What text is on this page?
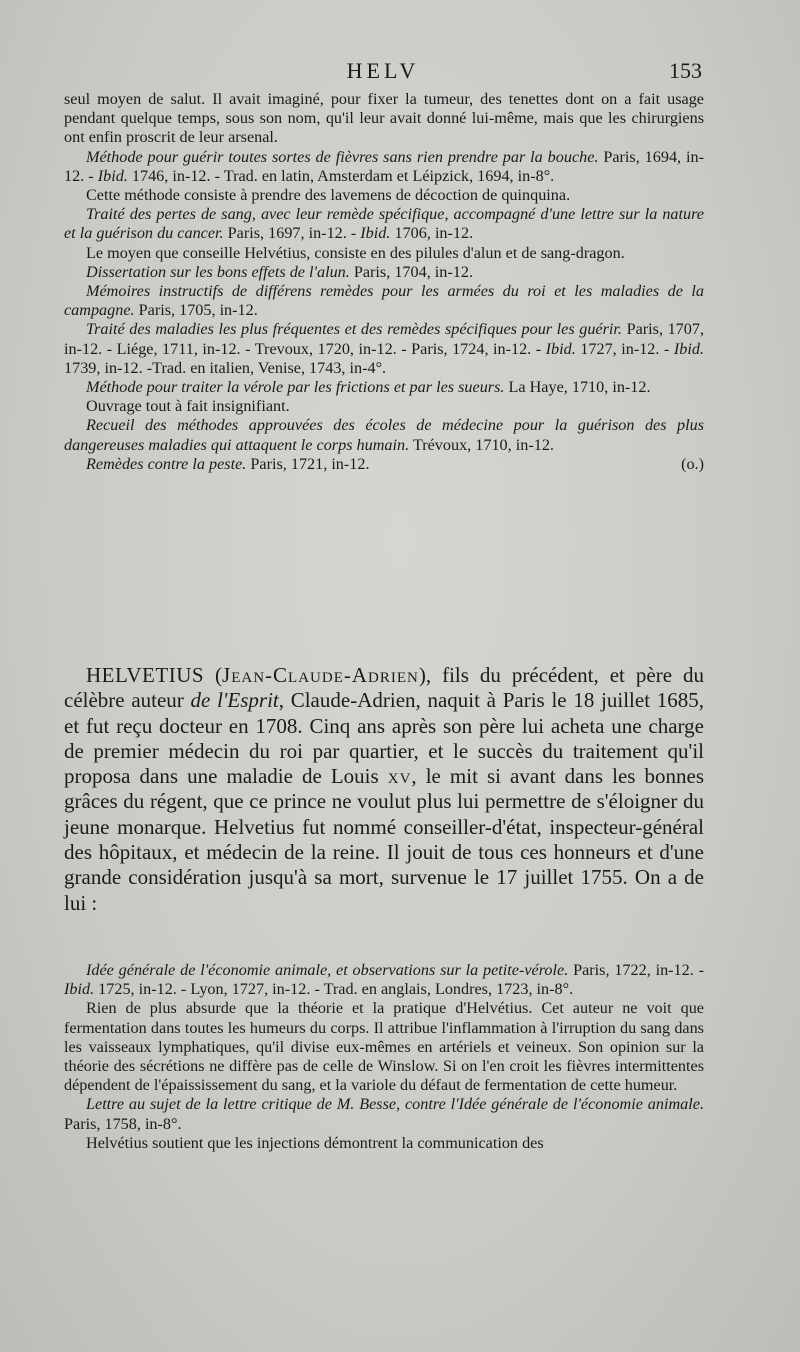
HELV	153

seul moyen de salut. Il avait imaginé, pour fixer la tumeur, des tenettes dont on a fait usage pendant quelque temps, sous son nom, qu'il leur avait donné lui-même, mais que les chirurgiens ont enfin proscrit de leur arsenal.

Méthode pour guérir toutes sortes de fièvres sans rien prendre par la bouche. Paris, 1694, in-12. - Ibid. 1746, in-12. - Trad. en latin, Amsterdam et Léipzick, 1694, in-8°.

Cette méthode consiste à prendre des lavemens de décoction de quinquina.

Traité des pertes de sang, avec leur remède spécifique, accompagné d'une lettre sur la nature et la guérison du cancer. Paris, 1697, in-12. - Ibid. 1706, in-12.

Le moyen que conseille Helvétius, consiste en des pilules d'alun et de sang-dragon.

Dissertation sur les bons effets de l'alun. Paris, 1704, in-12.

Mémoires instructifs de différens remèdes pour les armées du roi et les maladies de la campagne. Paris, 1705, in-12.

Traité des maladies les plus fréquentes et des remèdes spécifiques pour les guérir. Paris, 1707, in-12. - Liége, 1711, in-12. - Trevoux, 1720, in-12. - Paris, 1724, in-12. - Ibid. 1727, in-12. - Ibid. 1739, in-12. -Trad. en italien, Venise, 1743, in-4°.

Méthode pour traiter la vérole par les frictions et par les sueurs. La Haye, 1710, in-12.

Ouvrage tout à fait insignifiant.

Recueil des méthodes approuvées des écoles de médecine pour la guérison des plus dangereuses maladies qui attaquent le corps humain. Trévoux, 1710, in-12.

Remèdes contre la peste. Paris, 1721, in-12.	(o.)

HELVETIUS (Jean-Claude-Adrien), fils du précédent, et père du célèbre auteur de l'Esprit, Claude-Adrien, naquit à Paris le 18 juillet 1685, et fut reçu docteur en 1708. Cinq ans après son père lui acheta une charge de premier médecin du roi par quartier, et le succès du traitement qu'il proposa dans une maladie de Louis xv, le mit si avant dans les bonnes grâces du régent, que ce prince ne voulut plus lui permettre de s'éloigner du jeune monarque. Helvetius fut nommé conseiller-d'état, inspecteur-général des hôpitaux, et médecin de la reine. Il jouit de tous ces honneurs et d'une grande considération jusqu'à sa mort, survenue le 17 juillet 1755. On a de lui :

Idée générale de l'économie animale, et observations sur la petite-vérole. Paris, 1722, in-12. - Ibid. 1725, in-12. - Lyon, 1727, in-12. - Trad. en anglais, Londres, 1723, in-8°.

Rien de plus absurde que la théorie et la pratique d'Helvétius. Cet auteur ne voit que fermentation dans toutes les humeurs du corps. Il attribue l'inflammation à l'irruption du sang dans les vaisseaux lymphatiques, qu'il divise eux-mêmes en artériels et veineux. Son opinion sur la théorie des sécrétions ne diffère pas de celle de Winslow. Si on l'en croit les fièvres intermittentes dépendent de l'épaississement du sang, et la variole du défaut de fermentation de cette humeur.

Lettre au sujet de la lettre critique de M. Besse, contre l'Idée générale de l'économie animale. Paris, 1758, in-8°.

Helvétius soutient que les injections démontrent la communication des
